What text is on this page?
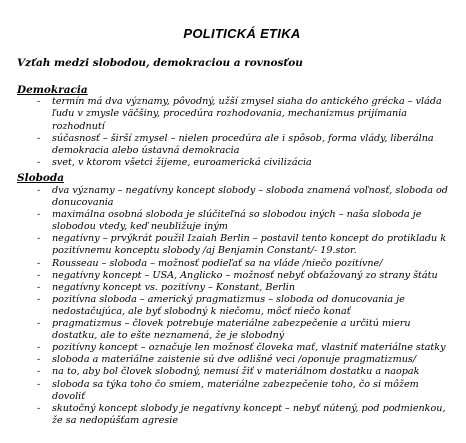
POLITICKÁ ETIKA
Vzťah medzi slobodou, demokraciou a rovnosťou
Demokracia
- termín má dva významy, pôvodný, užší zmysel siaha do antického grécka – vláda ľudu v zmysle väčšiny, procedúra rozhodovania, mechanizmus prijímania rozhodnutí
- súčasnosť – širší zmysel – nielen procedúra ale i spôsob, forma vlády, liberálna demokracia alebo ústavná demokracia
- svet, v ktorom všetci žijeme, euroamerická civilizácia
Sloboda
- dva významy – negatívny koncept slobody – sloboda znamená voľnosť, sloboda od donucovania
- maximálna osobná sloboda je slúčiteľná so slobodou iných – naša sloboda je slobodou vtedy, keď neubližuje iným
- negatívny – prvýkrát použil Izaiah Berlin – postavil tento koncept do protikladu k pozitívnemu konceptu slobody /aj Benjamin Constant/- 19.stor.
- Rousseau – sloboda – možnosť podieľať sa na vláde /niečo pozitívne/
- negatívny koncept – USA, Anglicko – možnosť nebyť obťažovaný zo strany štátu
- negatívny koncept vs. pozitívny – Konstant, Berlin
- pozitívna sloboda – americký pragmatizmus – sloboda od donucovania je nedostačujúca, ale byť slobodný k niečomu, môcť niečo konať
- pragmatizmus – človek potrebuje materiálne zabezpečenie a určitú mieru dostatku, ale to ešte neznamená, že je slobodný
- pozitívny koncept – označuje len možnosť človeka mať, vlastniť materiálne statky
- sloboda a materiálne zaistenie sú dve odlišné veci /oponuje pragmatizmus/
- na to, aby bol človek slobodný, nemusí žiť v materiálnom dostatku a naopak
- sloboda sa týka toho čo smiem, materiálne zabezpečenie toho, čo si môžem dovoliť
- skutočný koncept slobody je negatívny koncept – nebyť nútený, pod podmienkou, že sa nedopúšťam agresie
